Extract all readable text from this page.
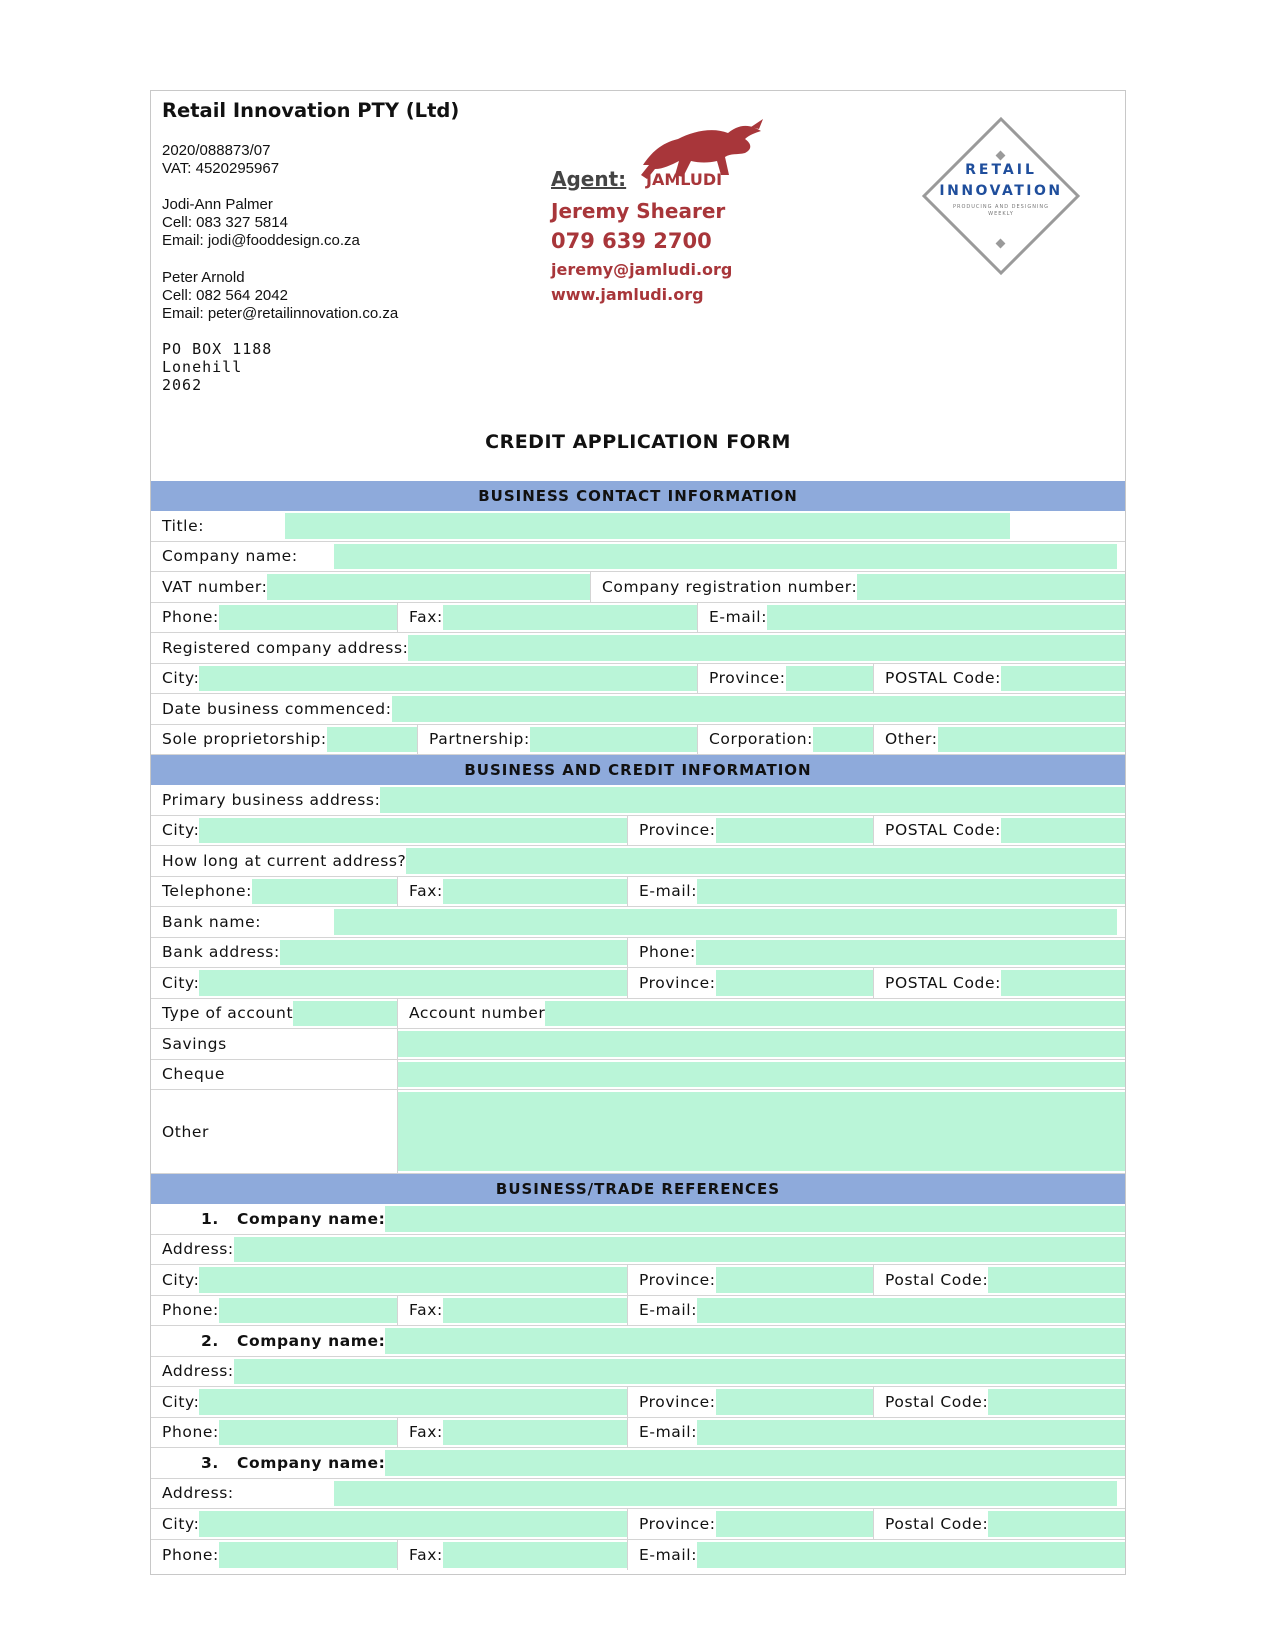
Retail Innovation PTY (Ltd)
2020/088873/07
VAT: 4520295967
Jodi-Ann Palmer
Cell: 083 327 5814
Email: jodi@fooddesign.co.za
Peter Arnold
Cell: 082 564 2042
Email: peter@retailinnovation.co.za
PO BOX 1188
Lonehill
2062
Agent: JAMLUDI
Jeremy Shearer
079 639 2700
jeremy@jamludi.org
www.jamludi.org
RETAIL
INNOVATION
PRODUCING AND DESIGNING
WEEKLY
CREDIT APPLICATION FORM
BUSINESS CONTACT INFORMATION
Title:
Company name:
VAT number:	Company registration number:
Phone:	Fax:	E-mail:
Registered company address:
City:	Province:	POSTAL Code:
Date business commenced:
Sole proprietorship:	Partnership:	Corporation:	Other:
BUSINESS AND CREDIT INFORMATION
Primary business address:
City:	Province:	POSTAL Code:
How long at current address?
Telephone:	Fax:	E-mail:
Bank name:
Bank address:	Phone:
City:	Province:	POSTAL Code:
Type of account	Account number
Savings
Cheque
Other
BUSINESS/TRADE REFERENCES
1.	Company name:
Address:
City:	Province:	Postal Code:
Phone:	Fax:	E-mail:
2.	Company name:
Address:
City:	Province:	Postal Code:
Phone:	Fax:	E-mail:
3.	Company name:
Address:
City:	Province:	Postal Code:
Phone:	Fax:	E-mail:
